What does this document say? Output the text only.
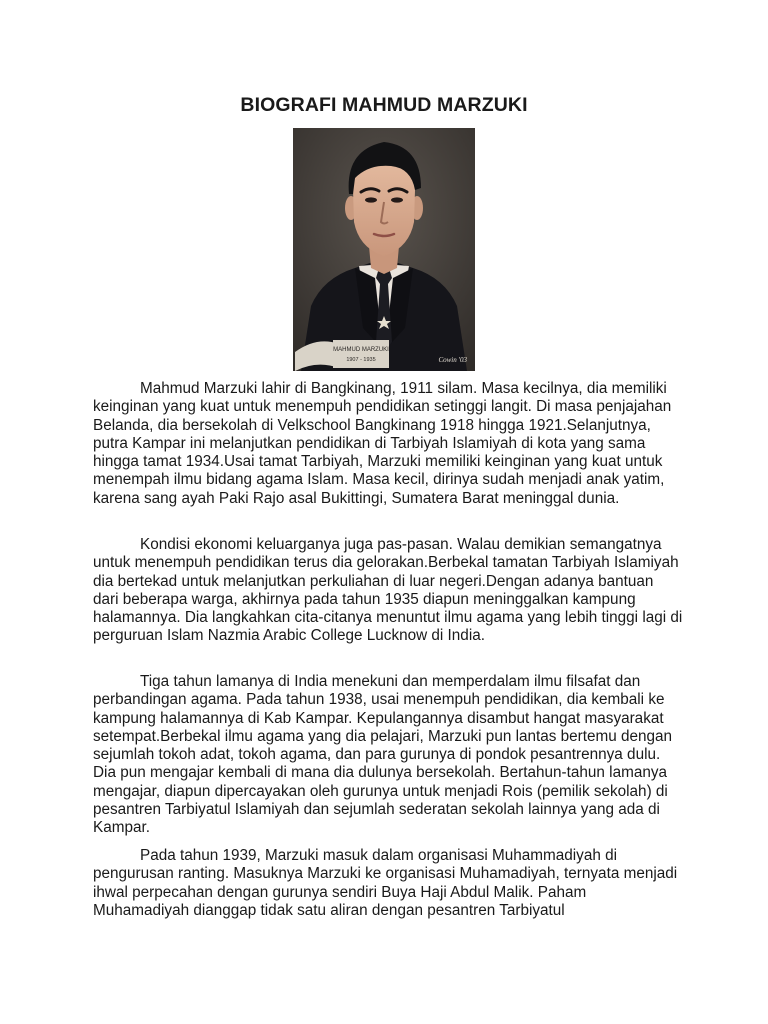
BIOGRAFI MAHMUD MARZUKI
MAHMUD MARZUKI
1907 - 1935	Cowin '03

Mahmud Marzuki lahir di Bangkinang, 1911 silam. Masa kecilnya, dia memiliki keinginan yang kuat untuk menempuh pendidikan setinggi langit. Di masa penjajahan Belanda, dia bersekolah di Velkschool Bangkinang 1918 hingga 1921.Selanjutnya, putra Kampar ini melanjutkan pendidikan di Tarbiyah Islamiyah di kota yang sama hingga tamat 1934.Usai tamat Tarbiyah, Marzuki memiliki keinginan yang kuat untuk menempah ilmu bidang agama Islam. Masa kecil, dirinya sudah menjadi anak yatim, karena sang ayah Paki Rajo asal Bukittingi, Sumatera Barat meninggal dunia.

Kondisi ekonomi keluarganya juga pas-pasan. Walau demikian semangatnya untuk menempuh pendidikan terus dia gelorakan.Berbekal tamatan Tarbiyah Islamiyah dia bertekad untuk melanjutkan perkuliahan di luar negeri.Dengan adanya bantuan dari beberapa warga, akhirnya pada tahun 1935 diapun meninggalkan kampung halamannya. Dia langkahkan cita-citanya menuntut ilmu agama yang lebih tinggi lagi di perguruan Islam Nazmia Arabic College Lucknow di India.

Tiga tahun lamanya di India menekuni dan memperdalam ilmu filsafat dan perbandingan agama. Pada tahun 1938, usai menempuh pendidikan, dia kembali ke kampung halamannya di Kab Kampar. Kepulangannya disambut hangat masyarakat setempat.Berbekal ilmu agama yang dia pelajari, Marzuki pun lantas bertemu dengan sejumlah tokoh adat, tokoh agama, dan para gurunya di pondok pesantrennya dulu. Dia pun mengajar kembali di mana dia dulunya bersekolah. Bertahun-tahun lamanya mengajar, diapun dipercayakan oleh gurunya untuk menjadi Rois (pemilik sekolah) di pesantren Tarbiyatul Islamiyah dan sejumlah sederatan sekolah lainnya yang ada di Kampar.

Pada tahun 1939, Marzuki masuk dalam organisasi Muhammadiyah di pengurusan ranting. Masuknya Marzuki ke organisasi Muhamadiyah, ternyata menjadi ihwal perpecahan dengan gurunya sendiri Buya Haji Abdul Malik. Paham Muhamadiyah dianggap tidak satu aliran dengan pesantren Tarbiyatul
